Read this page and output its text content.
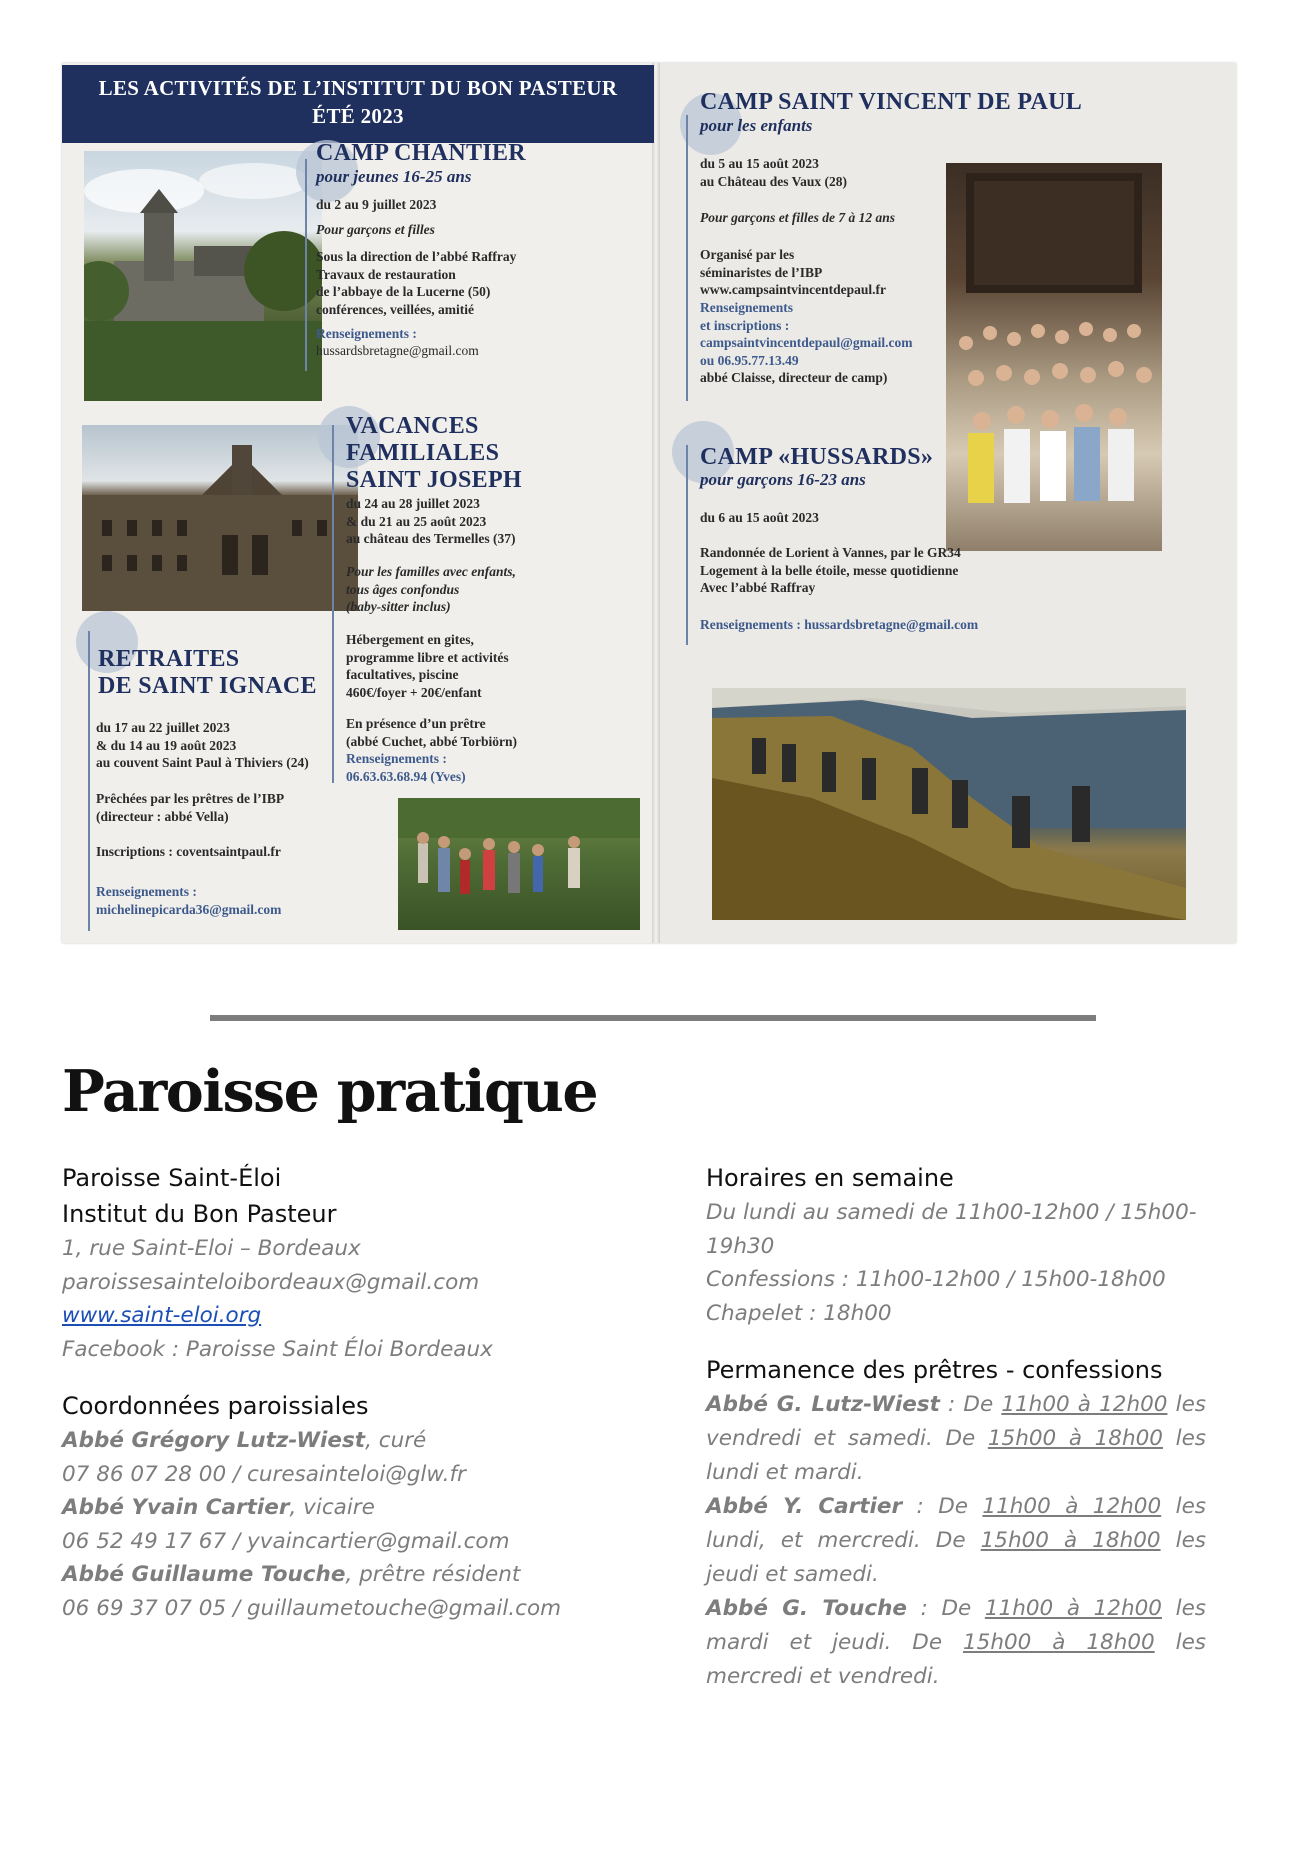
LES ACTIVITÉS DE L’INSTITUT DU BON PASTEUR
ÉTÉ 2023
CAMP CHANTIER
pour jeunes 16-25 ans
du 2 au 9 juillet 2023
Pour garçons et filles
Sous la direction de l’abbé Raffray
Travaux de restauration
de l’abbaye de la Lucerne (50)
conférences, veillées, amitié
Renseignements :
hussardsbretagne@gmail.com
VACANCES
FAMILIALES
SAINT JOSEPH
du 24 au 28 juillet 2023
& du 21 au 25 août 2023
au château des Termelles (37)
Pour les familles avec enfants,
tous âges confondus
(baby-sitter inclus)
Hébergement en gites,
programme libre et activités
facultatives, piscine
460€/foyer + 20€/enfant
En présence d’un prêtre
(abbé Cuchet, abbé Torbiörn)
Renseignements :
06.63.63.68.94 (Yves)
RETRAITES
DE SAINT IGNACE
du 17 au 22 juillet 2023
& du 14 au 19 août 2023
au couvent Saint Paul à Thiviers (24)
Prêchées par les prêtres de l’IBP
(directeur : abbé Vella)
Inscriptions : coventsaintpaul.fr
Renseignements :
michelinepicarda36@gmail.com
CAMP SAINT VINCENT DE PAUL
pour les enfants
du 5 au 15 août 2023
au Château des Vaux (28)
Pour garçons et filles de 7 à 12 ans
Organisé par les
séminaristes de l’IBP
www.campsaintvincentdepaul.fr
Renseignements
et inscriptions :
campsaintvincentdepaul@gmail.com
ou 06.95.77.13.49
abbé Claisse, directeur de camp)
CAMP «HUSSARDS»
pour garçons 16-23 ans
du 6 au 15 août 2023
Randonnée de Lorient à Vannes, par le GR34
Logement à la belle étoile, messe quotidienne
Avec l’abbé Raffray
Renseignements : hussardsbretagne@gmail.com
Paroisse pratique
Paroisse Saint-Éloi
Institut du Bon Pasteur
1, rue Saint-Eloi – Bordeaux
paroissesainteloibordeaux@gmail.com
www.saint-eloi.org
Facebook : Paroisse Saint Éloi Bordeaux
Coordonnées paroissiales
Abbé Grégory Lutz-Wiest, curé
07 86 07 28 00 / curesainteloi@glw.fr
Abbé Yvain Cartier, vicaire
06 52 49 17 67 / yvaincartier@gmail.com
Abbé Guillaume Touche, prêtre résident
06 69 37 07 05 / guillaumetouche@gmail.com
Horaires en semaine
Du lundi au samedi de 11h00-12h00 / 15h00-
19h30
Confessions : 11h00-12h00 / 15h00-18h00
Chapelet : 18h00
Permanence des prêtres - confessions
Abbé G. Lutz-Wiest : De 11h00 à 12h00 les vendredi et samedi. De 15h00 à 18h00 les lundi et mardi.
Abbé Y. Cartier : De 11h00 à 12h00 les lundi, et mercredi. De 15h00 à 18h00 les jeudi et samedi.
Abbé G. Touche : De 11h00 à 12h00 les mardi et jeudi. De 15h00 à 18h00 les mercredi et vendredi.
